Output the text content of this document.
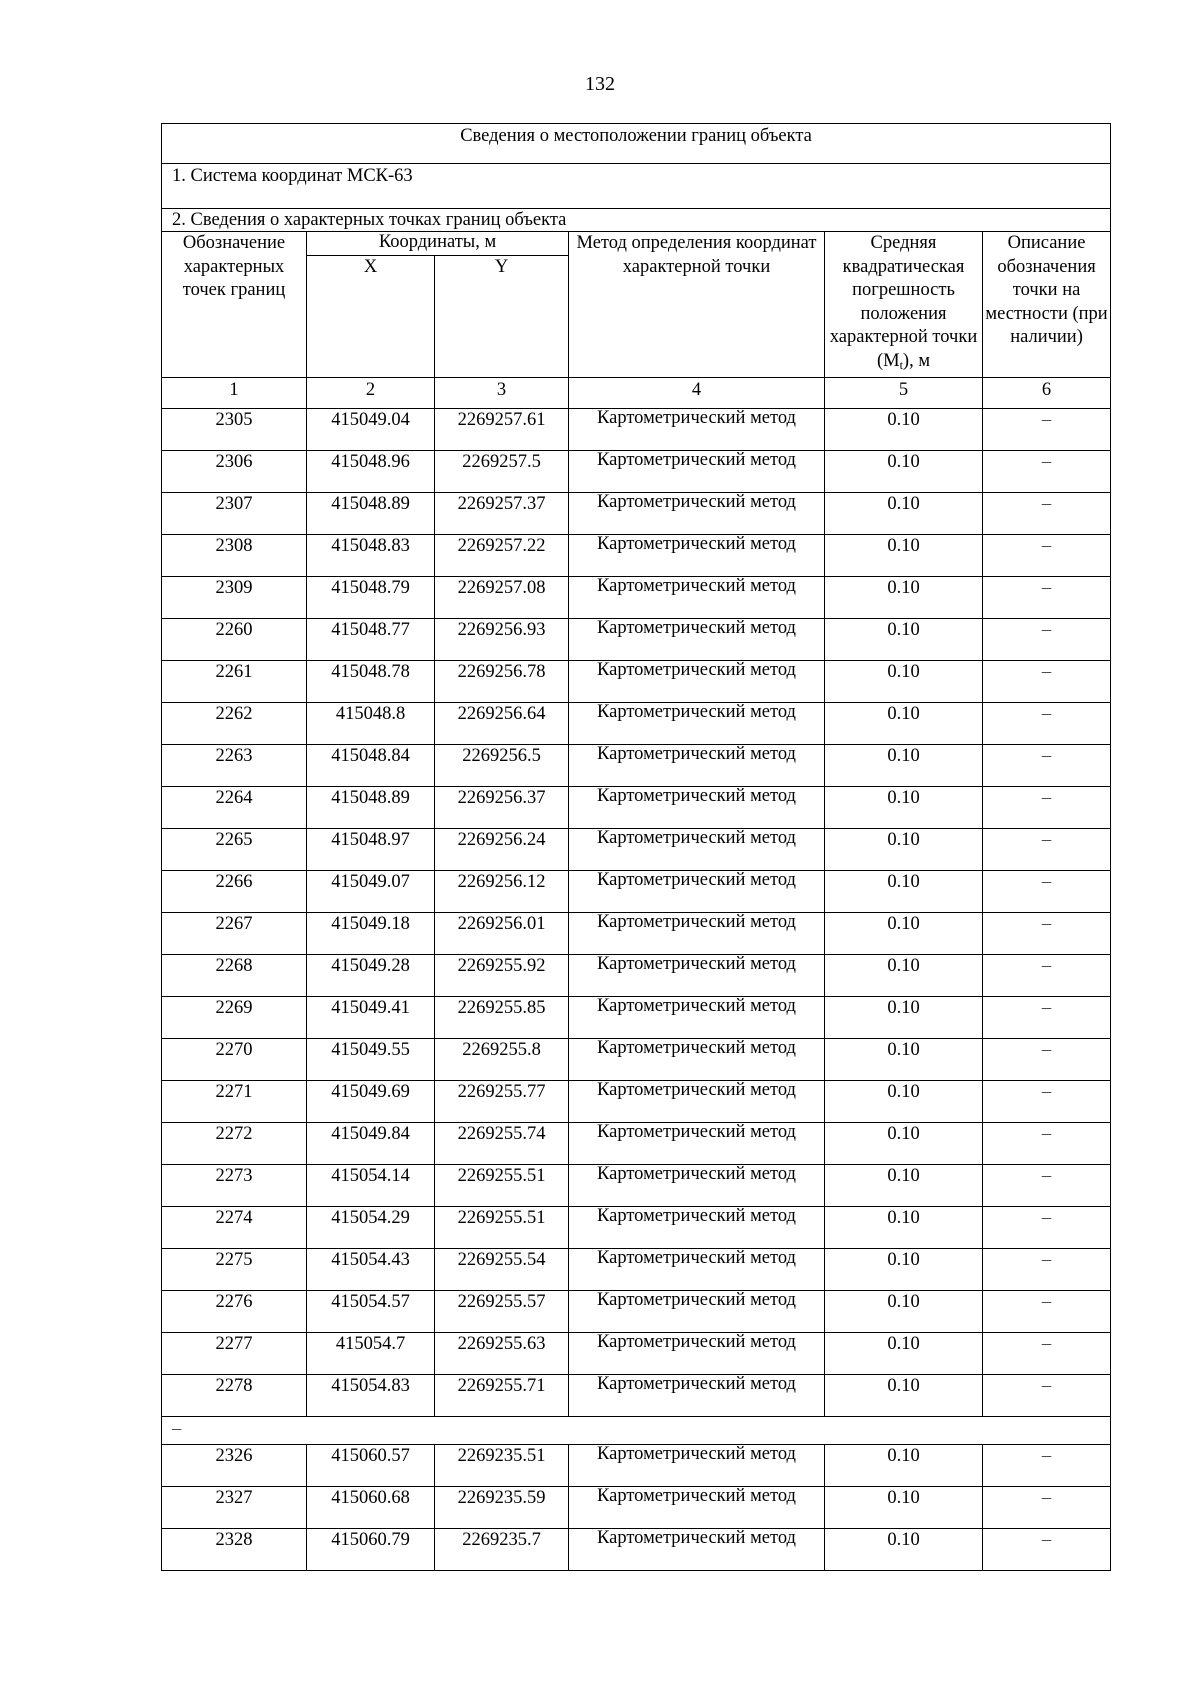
132
Сведения о местоположении границ объекта					
1. Система координат МСК-63					
2. Сведения о характерных точках границ объекта					
Обозначение характерных точек границ	Координаты, м		Метод определения координат характерной точки	Средняя квадратическая погрешность положения характерной точки $(M_t)$, м	Описание обозначения точки на местности (при наличии)
	X	Y			
1	2	3	4	5	6
2305	415049.04	2269257.61	Картометрический метод	0.10	–
2306	415048.96	2269257.5	Картометрический метод	0.10	–
2307	415048.89	2269257.37	Картометрический метод	0.10	–
2308	415048.83	2269257.22	Картометрический метод	0.10	–
2309	415048.79	2269257.08	Картометрический метод	0.10	–
2260	415048.77	2269256.93	Картометрический метод	0.10	–
2261	415048.78	2269256.78	Картометрический метод	0.10	–
2262	415048.8	2269256.64	Картометрический метод	0.10	–
2263	415048.84	2269256.5	Картометрический метод	0.10	–
2264	415048.89	2269256.37	Картометрический метод	0.10	–
2265	415048.97	2269256.24	Картометрический метод	0.10	–
2266	415049.07	2269256.12	Картометрический метод	0.10	–
2267	415049.18	2269256.01	Картометрический метод	0.10	–
2268	415049.28	2269255.92	Картометрический метод	0.10	–
2269	415049.41	2269255.85	Картометрический метод	0.10	–
2270	415049.55	2269255.8	Картометрический метод	0.10	–
2271	415049.69	2269255.77	Картометрический метод	0.10	–
2272	415049.84	2269255.74	Картометрический метод	0.10	–
2273	415054.14	2269255.51	Картометрический метод	0.10	–
2274	415054.29	2269255.51	Картометрический метод	0.10	–
2275	415054.43	2269255.54	Картометрический метод	0.10	–
2276	415054.57	2269255.57	Картометрический метод	0.10	–
2277	415054.7	2269255.63	Картометрический метод	0.10	–
2278	415054.83	2269255.71	Картометрический метод	0.10	–
–					
2326	415060.57	2269235.51	Картометрический метод	0.10	–
2327	415060.68	2269235.59	Картометрический метод	0.10	–
2328	415060.79	2269235.7	Картометрический метод	0.10	–
